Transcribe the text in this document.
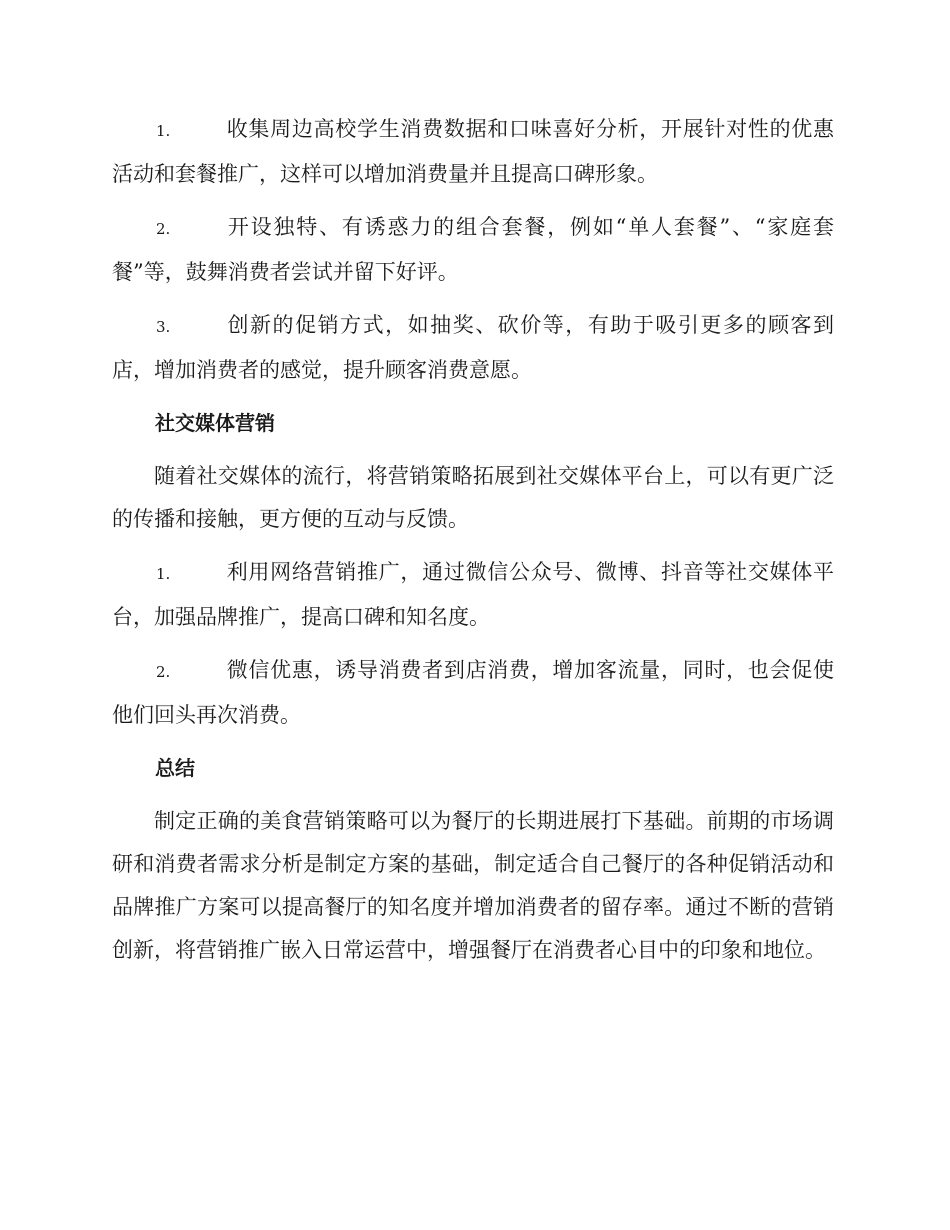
1.	收集周边高校学生消费数据和口味喜好分析，开展针对性的优惠活动和套餐推广，这样可以增加消费量并且提高口碑形象。

2.	开设独特、有诱惑力的组合套餐，例如“单人套餐”、“家庭套餐”等，鼓舞消费者尝试并留下好评。

3.	创新的促销方式，如抽奖、砍价等，有助于吸引更多的顾客到店，增加消费者的感觉，提升顾客消费意愿。

社交媒体营销

随着社交媒体的流行，将营销策略拓展到社交媒体平台上，可以有更广泛的传播和接触，更方便的互动与反馈。

1.	利用网络营销推广，通过微信公众号、微博、抖音等社交媒体平台，加强品牌推广，提高口碑和知名度。

2.	微信优惠，诱导消费者到店消费，增加客流量，同时，也会促使他们回头再次消费。

总结

制定正确的美食营销策略可以为餐厅的长期进展打下基础。前期的市场调研和消费者需求分析是制定方案的基础，制定适合自己餐厅的各种促销活动和品牌推广方案可以提高餐厅的知名度并增加消费者的留存率。通过不断的营销创新，将营销推广嵌入日常运营中，增强餐厅在消费者心目中的印象和地位。
